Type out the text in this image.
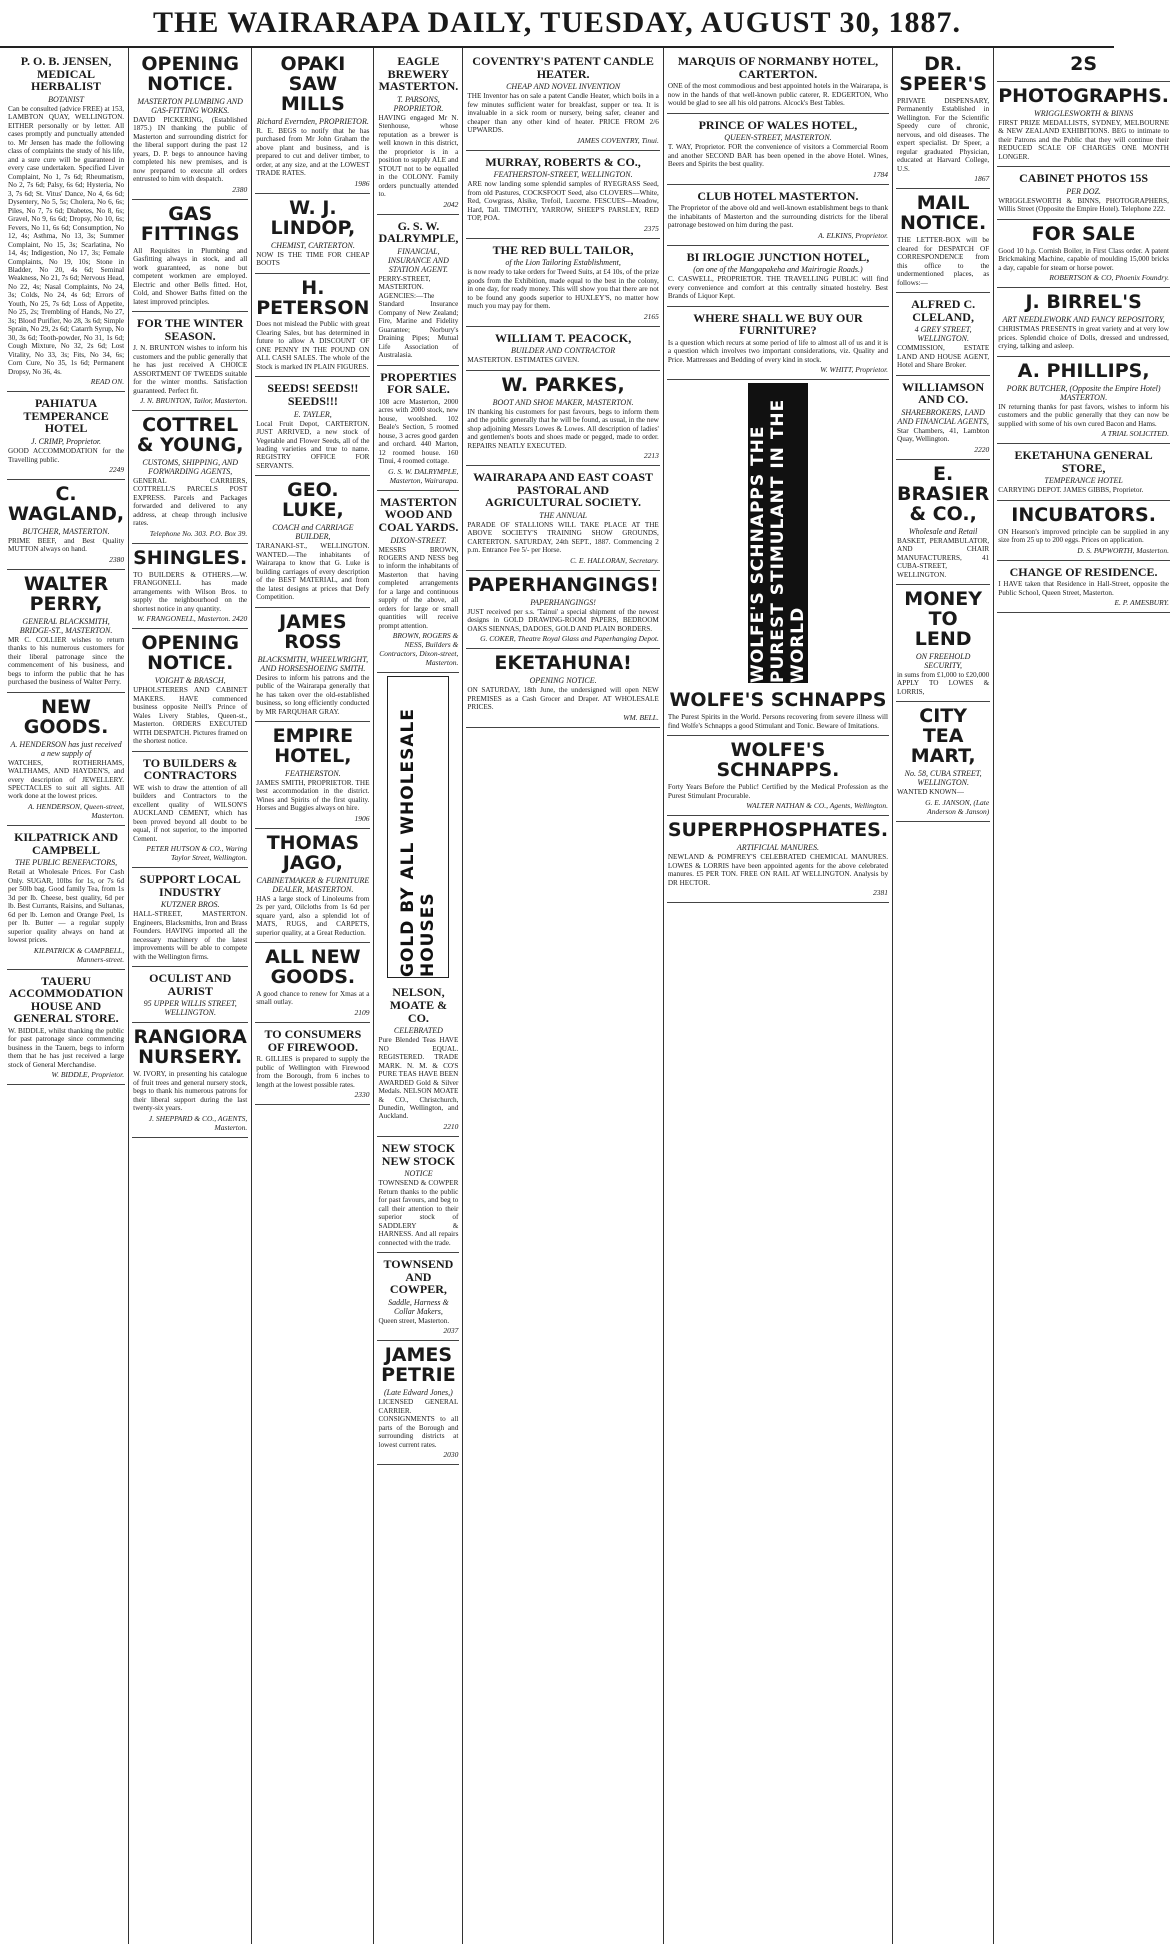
THE WAIRARAPA DAILY, TUESDAY, AUGUST 30, 1887.
P. O. B. JENSEN, MEDICAL HERBALIST
BOTANIST
Can be consulted (advice FREE) at 153, LAMBTON QUAY, WELLINGTON. EITHER personally or by letter. All cases promptly and punctually attended to. Mr Jensen has made the following class of complaints the study of his life, and a sure cure will be guaranteed in every case undertaken. Specified Liver Complaint, No 1, 7s 6d; Rheumatism, No 2, 7s 6d; Palsy, 6s 6d; Hysteria, No 3, 7s 6d; St. Vitus' Dance, No 4, 6s 6d; Dysentery, No 5, 5s; Cholera, No 6, 6s; Piles, No 7, 7s 6d; Diabetes, No 8, 6s; Gravel, No 9, 6s 6d; Dropsy, No 10, 6s; Fevers, No 11, 6s 6d; Consumption, No 12, 4s; Asthma, No 13, 3s; Summer Complaint, No 15, 3s; Scarlatina, No 14, 4s; Indigestion, No 17, 3s; Female Complaints, No 19, 10s; Stone in Bladder, No 20, 4s 6d; Seminal Weakness, No 21, 7s 6d; Nervous Head, No 22, 4s; Nasal Complaints, No 24, 3s; Colds, No 24, 4s 6d; Errors of Youth, No 25, 7s 6d; Loss of Appetite, No 25, 2s; Trembling of Hands, No 27, 3s; Blood Purifier, No 28, 3s 6d; Simple Sprain, No 29, 2s 6d; Catarrh Syrup, No 30, 3s 6d; Tooth-powder, No 31, 1s 6d; Cough Mixture, No 32, 2s 6d; Lost Vitality, No 33, 3s; Fits, No 34, 6s; Corn Cure, No 35, 1s 6d; Permanent Dropsy, No 36, 4s.
READ ON.
PAHIATUA TEMPERANCE HOTEL
J. CRIMP, Proprietor.
GOOD ACCOMMODATION for the Travelling public.
2249
C. WAGLAND,
BUTCHER, MASTERTON.
PRIME BEEF, and Best Quality MUTTON always on hand.
2380
WALTER PERRY,
GENERAL BLACKSMITH, BRIDGE-ST., MASTERTON.
MR C. COLLIER wishes to return thanks to his numerous customers for their liberal patronage since the commencement of his business, and begs to inform the public that he has purchased the business of Walter Perry.
NEW GOODS.
A. HENDERSON has just received a new supply of
WATCHES, ROTHERHAMS, WALTHAMS, AND HAYDEN'S, and every description of JEWELLERY. SPECTACLES to suit all sights. All work done at the lowest prices.
A. HENDERSON, Queen-street, Masterton.
KILPATRICK AND CAMPBELL
THE PUBLIC BENEFACTORS,
Retail at Wholesale Prices. For Cash Only. SUGAR, 10lbs for 1s, or 7s 6d per 50lb bag. Good family Tea, from 1s 3d per lb. Cheese, best quality, 6d per lb. Best Currants, Raisins, and Sultanas, 6d per lb. Lemon and Orange Peel, 1s per lb. Butter — a regular supply superior quality always on hand at lowest prices.
KILPATRICK & CAMPBELL, Manners-street.
TAUERU ACCOMMODATION HOUSE AND GENERAL STORE.
W. BIDDLE, whilst thanking the public for past patronage since commencing business in the Tauern, begs to inform them that he has just received a large stock of General Merchandise.
W. BIDDLE, Proprietor.
OPENING NOTICE.
MASTERTON PLUMBING AND GAS-FITTING WORKS.
DAVID PICKERING, (Established 1875.) IN thanking the public of Masterton and surrounding district for the liberal support during the past 12 years, D. P. begs to announce having completed his new premises, and is now prepared to execute all orders entrusted to him with despatch.
2380
GAS FITTINGS
All Requisites in Plumbing and Gasfitting always in stock, and all work guaranteed, as none but competent workmen are employed. Electric and other Bells fitted. Hot, Cold, and Shower Baths fitted on the latest improved principles.
FOR THE WINTER SEASON.
J. N. BRUNTON wishes to inform his customers and the public generally that he has just received A CHOICE ASSORTMENT OF TWEEDS suitable for the winter months. Satisfaction guaranteed. Perfect fit.
J. N. BRUNTON, Tailor, Masterton.
COTTREL & YOUNG,
CUSTOMS, SHIPPING, AND FORWARDING AGENTS,
GENERAL CARRIERS, COTTRELL'S PARCELS POST EXPRESS. Parcels and Packages forwarded and delivered to any address, at cheap through inclusive rates.
Telephone No. 303. P.O. Box 39.
SHINGLES.
TO BUILDERS & OTHERS.—W. FRANGONELL has made arrangements with Wilson Bros. to supply the neighbourhood on the shortest notice in any quantity.
W. FRANGONELL, Masterton. 2420
OPENING NOTICE.
VOIGHT & BRASCH,
UPHOLSTERERS AND CABINET MAKERS. HAVE commenced business opposite Neill's Prince of Wales Livery Stables, Queen-st., Masterton. ORDERS EXECUTED WITH DESPATCH. Pictures framed on the shortest notice.
TO BUILDERS & CONTRACTORS
WE wish to draw the attention of all builders and Contractors to the excellent quality of WILSON'S AUCKLAND CEMENT, which has been proved beyond all doubt to be equal, if not superior, to the imported Cement.
PETER HUTSON & CO., Waring Taylor Street, Wellington.
SUPPORT LOCAL INDUSTRY
KUTZNER BROS.
HALL-STREET, MASTERTON. Engineers, Blacksmiths, Iron and Brass Founders. HAVING imported all the necessary machinery of the latest improvements will be able to compete with the Wellington firms.
OCULIST AND AURIST
95 UPPER WILLIS STREET, WELLINGTON.
RANGIORA NURSERY.
W. IVORY, in presenting his catalogue of fruit trees and general nursery stock, begs to thank his numerous patrons for their liberal support during the last twenty-six years.
J. SHEPPARD & CO., AGENTS, Masterton.
OPAKI SAW MILLS
Richard Evernden, PROPRIETOR.
R. E. BEGS to notify that he has purchased from Mr John Graham the above plant and business, and is prepared to cut and deliver timber, to order, at any size, and at the LOWEST TRADE RATES.
1986
W. J. LINDOP,
CHEMIST, CARTERTON.
NOW IS THE TIME FOR CHEAP BOOTS
H. PETERSON
Does not mislead the Public with great Clearing Sales, but has determined in future to allow A DISCOUNT OF ONE PENNY IN THE POUND ON ALL CASH SALES. The whole of the Stock is marked IN PLAIN FIGURES.
SEEDS! SEEDS!! SEEDS!!!
E. TAYLER,
Local Fruit Depot, CARTERTON. JUST ARRIVED, a new stock of Vegetable and Flower Seeds, all of the leading varieties and true to name. REGISTRY OFFICE FOR SERVANTS.
GEO. LUKE,
COACH and CARRIAGE BUILDER,
TARANAKI-ST., WELLINGTON. WANTED.—The inhabitants of Wairarapa to know that G. Luke is building carriages of every description of the BEST MATERIAL, and from the latest designs at prices that Defy Competition.
JAMES ROSS
BLACKSMITH, WHEELWRIGHT, AND HORSESHOEING SMITH.
Desires to inform his patrons and the public of the Wairarapa generally that he has taken over the old-established business, so long efficiently conducted by MR FARQUHAR GRAY.
EMPIRE HOTEL,
FEATHERSTON.
JAMES SMITH, PROPRIETOR. THE best accommodation in the district. Wines and Spirits of the first quality. Horses and Buggies always on hire.
1906
THOMAS JAGO,
CABINETMAKER & FURNITURE DEALER, MASTERTON.
HAS a large stock of Linoleums from 2s per yard, Oilcloths from 1s 6d per square yard, also a splendid lot of MATS, RUGS, and CARPETS, superior quality, at a Great Reduction.
ALL NEW GOODS.
A good chance to renew for Xmas at a small outlay.
2109
TO CONSUMERS OF FIREWOOD.
R. GILLIES is prepared to supply the public of Wellington with Firewood from the Borough, from 6 inches to length at the lowest possible rates.
2330
EAGLE BREWERY MASTERTON.
T. PARSONS, PROPRIETOR.
HAVING engaged Mr N. Stenhouse, whose reputation as a brewer is well known in this district, the proprietor is in a position to supply ALE and STOUT not to be equalled in the COLONY. Family orders punctually attended to.
2042
G. S. W. DALRYMPLE,
FINANCIAL, INSURANCE AND STATION AGENT.
PERRY-STREET, MASTERTON. AGENCIES:—The Standard Insurance Company of New Zealand; Fire, Marine and Fidelity Guarantee; Norbury's Draining Pipes; Mutual Life Association of Australasia.
PROPERTIES FOR SALE.
108 acre Masterton, 2000 acres with 2000 stock, new house, woolshed. 102 Beale's Section, 5 roomed house, 3 acres good garden and orchard. 440 Marton, 12 roomed house. 160 Tinui, 4 roomed cottage.
G. S. W. DALRYMPLE, Masterton, Wairarapa.
MASTERTON WOOD AND COAL YARDS.
DIXON-STREET.
MESSRS BROWN, ROGERS AND NESS beg to inform the inhabitants of Masterton that having completed arrangements for a large and continuous supply of the above, all orders for large or small quantities will receive prompt attention.
BROWN, ROGERS & NESS, Builders & Contractors, Dixon-street, Masterton.
GOLD BY ALL WHOLESALE HOUSES
NELSON, MOATE & CO.
CELEBRATED
Pure Blended Teas HAVE NO EQUAL. REGISTERED. TRADE MARK. N. M. & CO'S PURE TEAS HAVE BEEN AWARDED Gold & Silver Medals. NELSON MOATE & CO., Christchurch, Dunedin, Wellington, and Auckland.
2210
NEW STOCK NEW STOCK
NOTICE
TOWNSEND & COWPER Return thanks to the public for past favours, and beg to call their attention to their superior stock of SADDLERY & HARNESS. And all repairs connected with the trade.
TOWNSEND AND COWPER,
Saddle, Harness & Collar Makers,
Queen street, Masterton.
2037
JAMES PETRIE
(Late Edward Jones,)
LICENSED GENERAL CARRIER. CONSIGNMENTS to all parts of the Borough and surrounding districts at lowest current rates.
2030
COVENTRY'S PATENT CANDLE HEATER.
CHEAP AND NOVEL INVENTION
THE Inventor has on sale a patent Candle Heater, which boils in a few minutes sufficient water for breakfast, supper or tea. It is invaluable in a sick room or nursery, being safer, cleaner and cheaper than any other kind of heater. PRICE FROM 2/6 UPWARDS.
JAMES COVENTRY, Tinui.
MURRAY, ROBERTS & CO.,
FEATHERSTON-STREET, WELLINGTON.
ARE now landing some splendid samples of RYEGRASS Seed, from old Pastures, COCKSFOOT Seed, also CLOVERS—White, Red, Cowgrass, Alsike, Trefoil, Lucerne. FESCUES—Meadow, Hard, Tall. TIMOTHY, YARROW, SHEEP'S PARSLEY, RED TOP, POA.
2375
THE RED BULL TAILOR,
of the Lion Tailoring Establishment,
is now ready to take orders for Tweed Suits, at £4 10s, of the prize goods from the Exhibition, made equal to the best in the colony, in one day, for ready money. This will show you that there are not to be found any goods superior to HUXLEY'S, no matter how much you may pay for them.
2165
WILLIAM T. PEACOCK,
BUILDER AND CONTRACTOR
MASTERTON. ESTIMATES GIVEN.
W. PARKES,
BOOT AND SHOE MAKER, MASTERTON.
IN thanking his customers for past favours, begs to inform them and the public generally that he will be found, as usual, in the new shop adjoining Messrs Lowes & Lowes. All description of ladies' and gentlemen's boots and shoes made or pegged, made to order. REPAIRS NEATLY EXECUTED.
2213
WAIRARAPA AND EAST COAST PASTORAL AND AGRICULTURAL SOCIETY.
THE ANNUAL
PARADE OF STALLIONS WILL TAKE PLACE AT THE ABOVE SOCIETY'S TRAINING SHOW GROUNDS, CARTERTON. SATURDAY, 24th SEPT., 1887. Commencing 2 p.m. Entrance Fee 5/- per Horse.
C. E. HALLORAN, Secretary.
PAPERHANGINGS!
PAPERHANGINGS!
JUST received per s.s. 'Tainui' a special shipment of the newest designs in GOLD DRAWING-ROOM PAPERS, BEDROOM OAKS SIENNAS, DADOES, GOLD AND PLAIN BORDERS.
G. COKER, Theatre Royal Glass and Paperhanging Depot.
EKETAHUNA!
OPENING NOTICE.
ON SATURDAY, 18th June, the undersigned will open NEW PREMISES as a Cash Grocer and Draper. AT WHOLESALE PRICES.
WM. BELL.
MARQUIS OF NORMANBY HOTEL, CARTERTON.
ONE of the most commodious and best appointed hotels in the Wairarapa, is now in the hands of that well-known public caterer, R. EDGERTON, Who would be glad to see all his old patrons. Alcock's Best Tables.
PRINCE OF WALES HOTEL,
QUEEN-STREET, MASTERTON.
T. WAY, Proprietor. FOR the convenience of visitors a Commercial Room and another SECOND BAR has been opened in the above Hotel. Wines, Beers and Spirits the best quality.
1784
CLUB HOTEL MASTERTON.
The Proprietor of the above old and well-known establishment begs to thank the inhabitants of Masterton and the surrounding districts for the liberal patronage bestowed on him during the past.
A. ELKINS, Proprietor.
BI IRLOGIE JUNCTION HOTEL,
(on one of the Mangapakeha and Mairirogie Roads.)
C. CASWELL, PROPRIETOR. THE TRAVELLING PUBLIC will find every convenience and comfort at this centrally situated hostelry. Best Brands of Liquor Kept.
WHERE SHALL WE BUY OUR FURNITURE?
Is a question which recurs at some period of life to almost all of us and it is a question which involves two important considerations, viz. Quality and Price. Mattresses and Bedding of every kind in stock.
W. WHITT, Proprietor.
WOLFE'S SCHNAPPS THE PUREST STIMULANT IN THE WORLD
WOLFE'S SCHNAPPS
The Purest Spirits in the World. Persons recovering from severe illness will find Wolfe's Schnapps a good Stimulant and Tonic. Beware of Imitations.
WOLFE'S SCHNAPPS.
Forty Years Before the Public! Certified by the Medical Profession as the Purest Stimulant Procurable.
WALTER NATHAN & CO., Agents, Wellington.
SUPERPHOSPHATES.
ARTIFICIAL MANURES.
NEWLAND & POMFREY'S CELEBRATED CHEMICAL MANURES. LOWES & LORRIS have been appointed agents for the above celebrated manures. £5 PER TON. FREE ON RAIL AT WELLINGTON. Analysis by DR HECTOR.
2381
DR. SPEER'S
PRIVATE DISPENSARY, Permanently Established in Wellington. For the Scientific Speedy cure of chronic, nervous, and old diseases. The expert specialist. Dr Speer, a regular graduated Physician, educated at Harvard College, U.S.
1867
MAIL NOTICE.
THE LETTER-BOX will be cleared for DESPATCH OF CORRESPONDENCE from this office to the undermentioned places, as follows:—
ALFRED C. CLELAND,
4 GREY STREET, WELLINGTON.
COMMISSION, ESTATE LAND AND HOUSE AGENT, Hotel and Share Broker.
WILLIAMSON AND CO.
SHAREBROKERS, LAND AND FINANCIAL AGENTS,
Star Chambers, 41, Lambton Quay, Wellington.
2220
E. BRASIER & CO.,
Wholesale and Retail
BASKET, PERAMBULATOR, AND CHAIR MANUFACTURERS, 41 CUBA-STREET, WELLINGTON.
MONEY TO LEND
ON FREEHOLD SECURITY,
in sums from £1,000 to £20,000 APPLY TO LOWES & LORRIS,
CITY TEA MART,
No. 58, CUBA STREET, WELLINGTON.
WANTED KNOWN—
G. E. JANSON, (Late Anderson & Janson)
2S
PHOTOGRAPHS.
WRIGGLESWORTH & BINNS
FIRST PRIZE MEDALLISTS, SYDNEY, MELBOURNE & NEW ZEALAND EXHIBITIONS. BEG to intimate to their Patrons and the Public that they will continue their REDUCED SCALE OF CHARGES ONE MONTH LONGER.
CABINET PHOTOS 15S
PER DOZ.
WRIGGLESWORTH & BINNS, PHOTOGRAPHERS, Willis Street (Opposite the Empire Hotel). Telephone 222.
FOR SALE
Good 10 h.p. Cornish Boiler, in First Class order. A patent Brickmaking Machine, capable of moulding 15,000 bricks a day, capable for steam or horse power.
ROBERTSON & CO, Phoenix Foundry.
J. BIRREL'S
ART NEEDLEWORK AND FANCY REPOSITORY,
CHRISTMAS PRESENTS in great variety and at very low prices. Splendid choice of Dolls, dressed and undressed, crying, talking and asleep.
A. PHILLIPS,
PORK BUTCHER, (Opposite the Empire Hotel) MASTERTON.
IN returning thanks for past favors, wishes to inform his customers and the public generally that they can now be supplied with some of his own cured Bacon and Hams.
A TRIAL SOLICITED.
EKETAHUNA GENERAL STORE,
TEMPERANCE HOTEL
CARRYING DEPOT. JAMES GIBBS, Proprietor.
INCUBATORS.
ON Hearson's improved principle can be supplied in any size from 25 up to 200 eggs. Prices on application.
D. S. PAPWORTH, Masterton.
CHANGE OF RESIDENCE.
I HAVE taken that Residence in Hall-Street, opposite the Public School, Queen Street, Masterton.
E. P. AMESBURY.
